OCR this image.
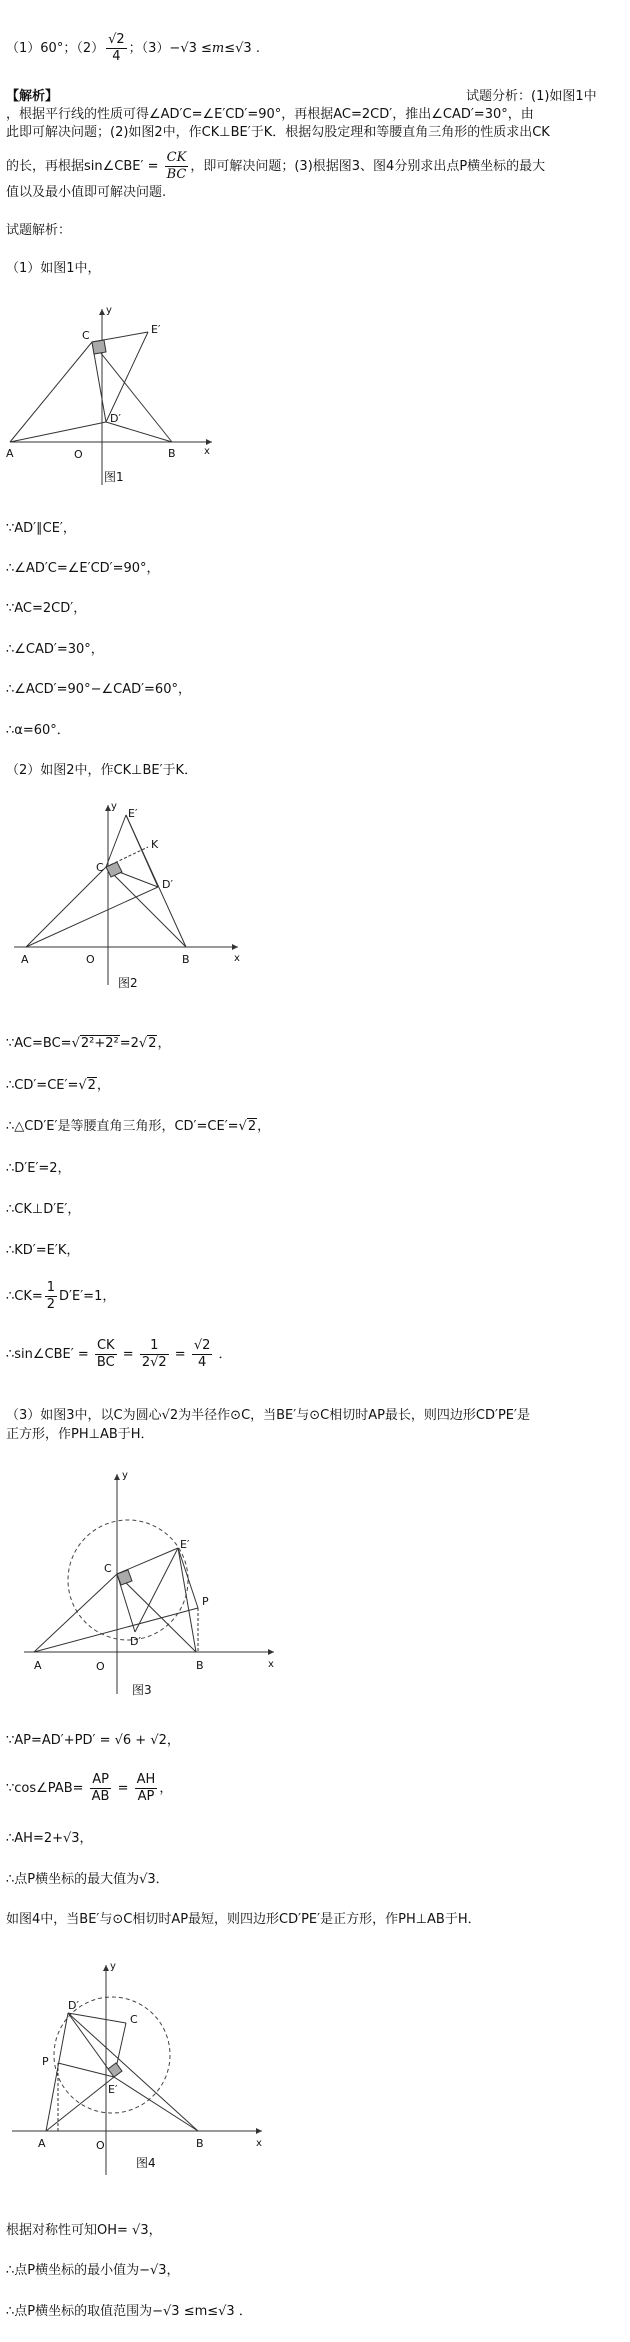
（1）60°；$(2) \frac{√2}{4}$ ；（3）−√3 ≤m≤√3 .
【解析】	试题分析：(1)如图1中
，根据平行线的性质可得∠AD′C=∠E′CD′=90°，再根据AC=2CD′，推出∠CAD′=30°，由
此即可解决问题；(2)如图2中，作CK⊥BE′于K．根据勾股定理和等腰直角三角形的性质求出CK
的长，再根据sin∠CBE′ = $\frac{CK}{BC}$ ，即可解决问题；(3)根据图3、图4分别求出点P横坐标的最大
值以及最小值即可解决问题.
试题解析：
（1）如图1中，
C	E′
D′
A	O	B	x
y
图1
∵AD′∥CE′，
∴∠AD′C=∠E′CD′=90°，
∵AC=2CD′，
∴∠CAD′=30°，
∴∠ACD′=90°−∠CAD′=60°，
∴α=60°．
（2）如图2中，作CK⊥BE′于K．
C
E′
K
D′
A	O	B	x
y
图2
∵AC=BC=√2²+2²=2√2，
∴CD′=CE′=√2，
∴△CD′E′是等腰直角三角形，CD′=CE′=√2，
∴D′E′=2，
∴CK⊥D′E′，
∴KD′=E′K，
∴CK= $\frac{1}{2} D'E'=1$，
∴sin∠CBE′ = $\frac{CK}{BC} = \frac{1}{2√2} = \frac{√2}{4}$ ．
（3）如图3中，以C为圆心√2为半径作⊙C，当BE′与⊙C相切时AP最长，则四边形CD′PE′是
正方形，作PH⊥AB于H．
C
E′
P
D′
A	O	B	x
y
图3
∵AP=AD′+PD′ = √6 + √2，
∵cos∠PAB= $\frac{AP}{AB} = \frac{AH}{AP}$ ，
∴AH=2+√3，
∴点P横坐标的最大值为√3．
如图4中，当BE′与⊙C相切时AP最短，则四边形CD′PE′是正方形，作PH⊥AB于H．
D′
C
P
E′
A	O	B	x
y
图4
根据对称性可知OH= √3，
∴点P横坐标的最小值为−√3，
∴点P横坐标的取值范围为−√3 ≤m≤√3 ．
